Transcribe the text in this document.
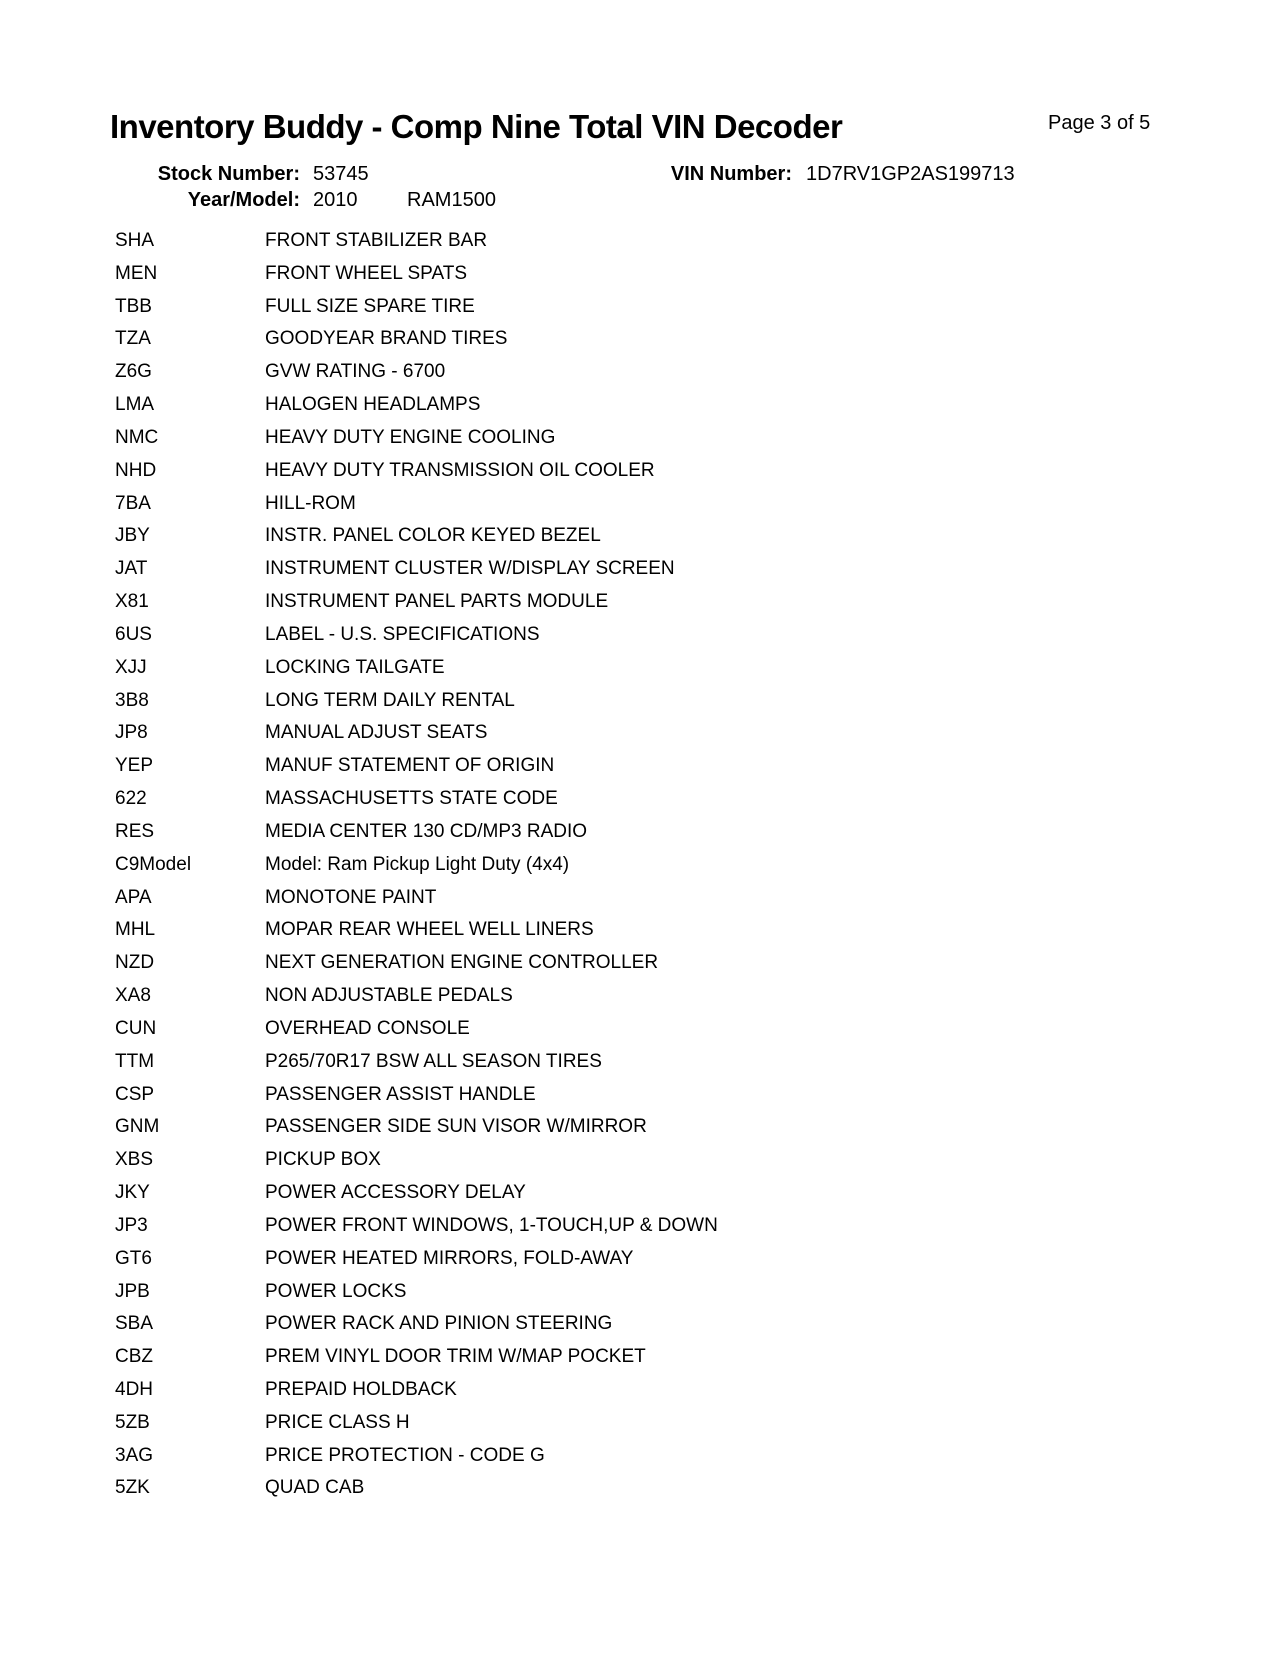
Inventory Buddy - Comp Nine Total VIN Decoder	Page 3 of 5
Stock Number: 53745	VIN Number: 1D7RV1GP2AS199713
Year/Model: 2010 RAM1500
SHA	FRONT STABILIZER BAR
MEN	FRONT WHEEL SPATS
TBB	FULL SIZE SPARE TIRE
TZA	GOODYEAR BRAND TIRES
Z6G	GVW RATING - 6700
LMA	HALOGEN HEADLAMPS
NMC	HEAVY DUTY ENGINE COOLING
NHD	HEAVY DUTY TRANSMISSION OIL COOLER
7BA	HILL-ROM
JBY	INSTR. PANEL COLOR KEYED BEZEL
JAT	INSTRUMENT CLUSTER W/DISPLAY SCREEN
X81	INSTRUMENT PANEL PARTS MODULE
6US	LABEL - U.S. SPECIFICATIONS
XJJ	LOCKING TAILGATE
3B8	LONG TERM DAILY RENTAL
JP8	MANUAL ADJUST SEATS
YEP	MANUF STATEMENT OF ORIGIN
622	MASSACHUSETTS STATE CODE
RES	MEDIA CENTER 130 CD/MP3 RADIO
C9Model	Model: Ram Pickup Light Duty (4x4)
APA	MONOTONE PAINT
MHL	MOPAR REAR WHEEL WELL LINERS
NZD	NEXT GENERATION ENGINE CONTROLLER
XA8	NON ADJUSTABLE PEDALS
CUN	OVERHEAD CONSOLE
TTM	P265/70R17 BSW ALL SEASON TIRES
CSP	PASSENGER ASSIST HANDLE
GNM	PASSENGER SIDE SUN VISOR W/MIRROR
XBS	PICKUP BOX
JKY	POWER ACCESSORY DELAY
JP3	POWER FRONT WINDOWS, 1-TOUCH,UP & DOWN
GT6	POWER HEATED MIRRORS, FOLD-AWAY
JPB	POWER LOCKS
SBA	POWER RACK AND PINION STEERING
CBZ	PREM VINYL DOOR TRIM W/MAP POCKET
4DH	PREPAID HOLDBACK
5ZB	PRICE CLASS H
3AG	PRICE PROTECTION - CODE G
5ZK	QUAD CAB
